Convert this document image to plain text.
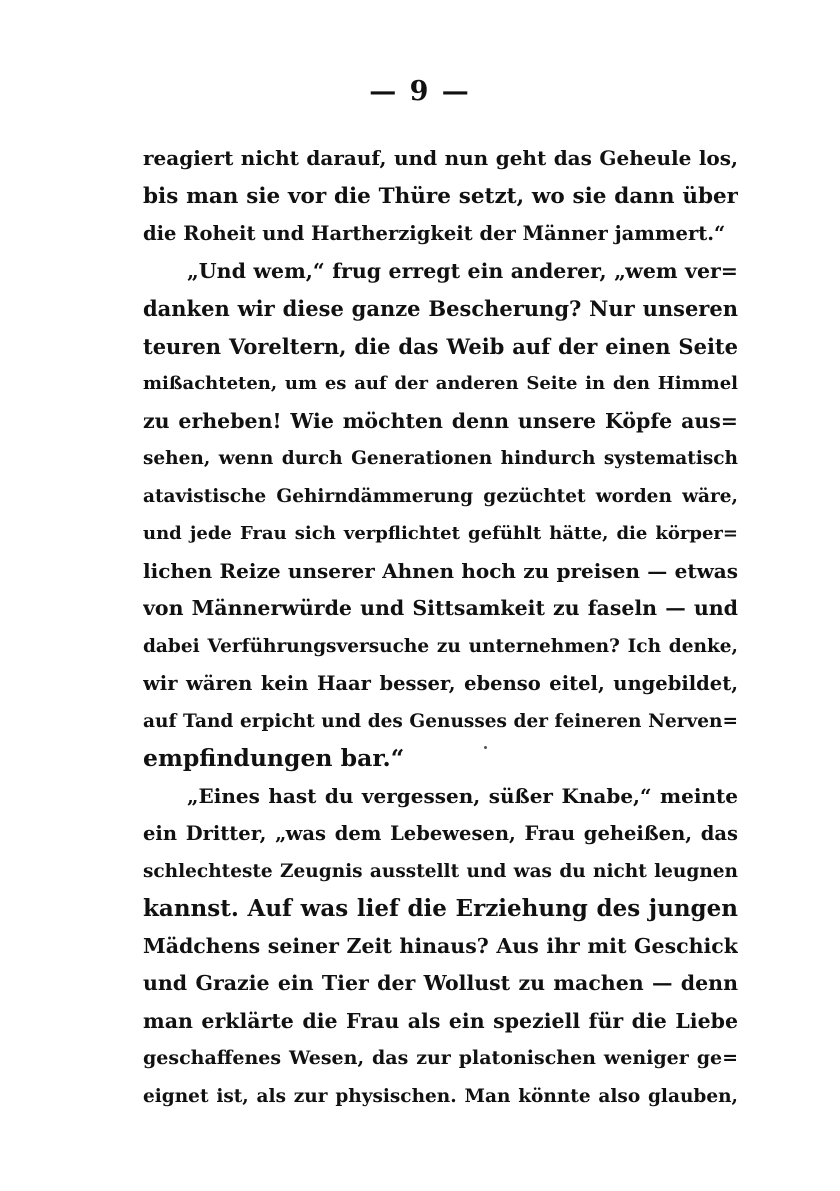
— 9 —
reagiert nicht darauf, und nun geht das Geheule los,
bis man sie vor die Thüre setzt, wo sie dann über
die Roheit und Hartherzigkeit der Männer jammert.“
„Und wem,“ frug erregt ein anderer, „wem ver=
danken wir diese ganze Bescherung? Nur unseren
teuren Voreltern, die das Weib auf der einen Seite
mißachteten, um es auf der anderen Seite in den Himmel
zu erheben! Wie möchten denn unsere Köpfe aus=
sehen, wenn durch Generationen hindurch systematisch
atavistische Gehirndämmerung gezüchtet worden wäre,
und jede Frau sich verpflichtet gefühlt hätte, die körper=
lichen Reize unserer Ahnen hoch zu preisen — etwas
von Männerwürde und Sittsamkeit zu faseln — und
dabei Verführungsversuche zu unternehmen? Ich denke,
wir wären kein Haar besser, ebenso eitel, ungebildet,
auf Tand erpicht und des Genusses der feineren Nerven=
empfindungen bar.“
„Eines hast du vergessen, süßer Knabe,“ meinte
ein Dritter, „was dem Lebewesen, Frau geheißen, das
schlechteste Zeugnis ausstellt und was du nicht leugnen
kannst. Auf was lief die Erziehung des jungen
Mädchens seiner Zeit hinaus? Aus ihr mit Geschick
und Grazie ein Tier der Wollust zu machen — denn
man erklärte die Frau als ein speziell für die Liebe
geschaffenes Wesen, das zur platonischen weniger ge=
eignet ist, als zur physischen. Man könnte also glauben,
